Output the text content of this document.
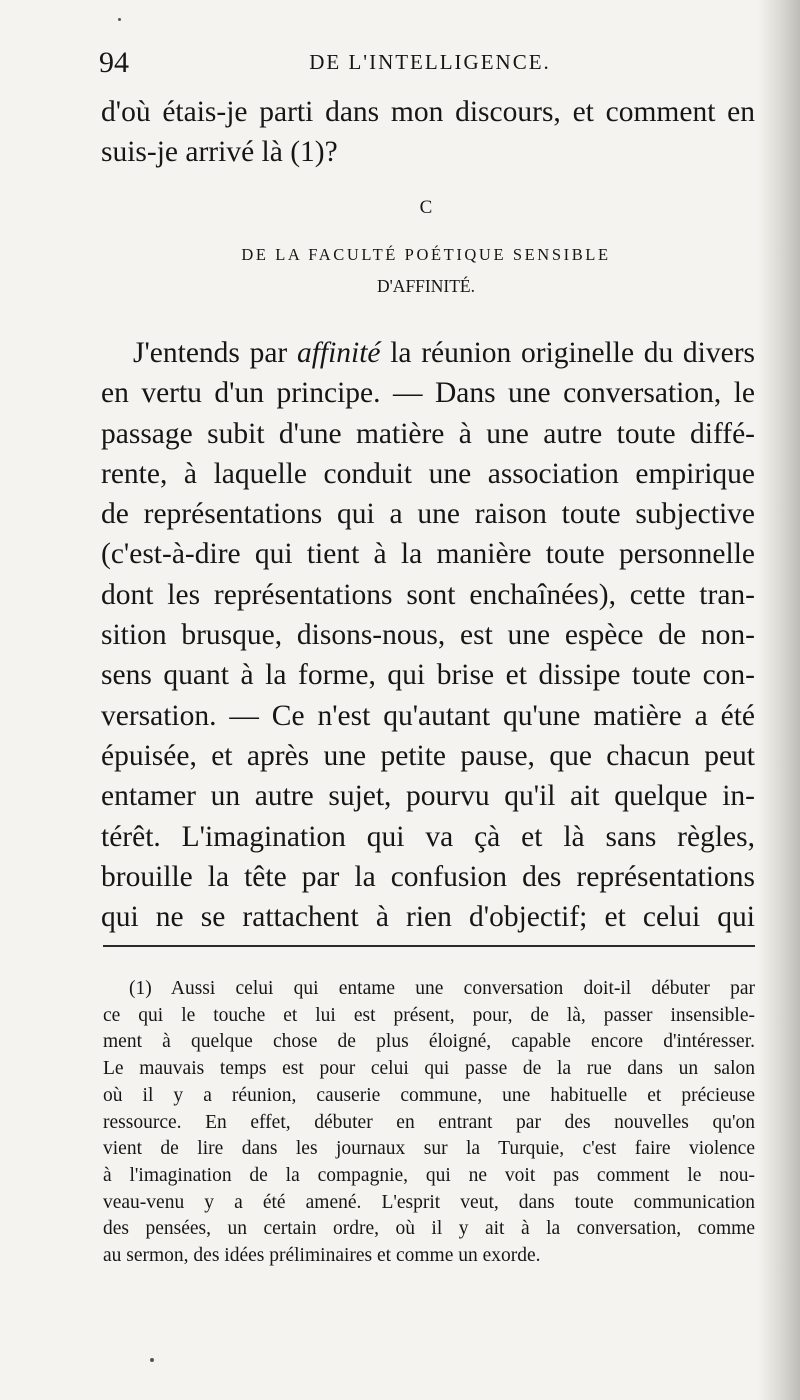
94	DE L'INTELLIGENCE.
d'où étais-je parti dans mon discours, et comment en
suis-je arrivé là (1)?
C
DE LA FACULTÉ POÉTIQUE SENSIBLE
D'AFFINITÉ.
J'entends par affinité la réunion originelle du divers
en vertu d'un principe. — Dans une conversation, le
passage subit d'une matière à une autre toute diffé-
rente, à laquelle conduit une association empirique
de représentations qui a une raison toute subjective
(c'est-à-dire qui tient à la manière toute personnelle
dont les représentations sont enchaînées), cette tran-
sition brusque, disons-nous, est une espèce de non-
sens quant à la forme, qui brise et dissipe toute con-
versation. — Ce n'est qu'autant qu'une matière a été
épuisée, et après une petite pause, que chacun peut
entamer un autre sujet, pourvu qu'il ait quelque in-
térêt. L'imagination qui va çà et là sans règles,
brouille la tête par la confusion des représentations
qui ne se rattachent à rien d'objectif; et celui qui
(1) Aussi celui qui entame une conversation doit-il débuter par
ce qui le touche et lui est présent, pour, de là, passer insensible-
ment à quelque chose de plus éloigné, capable encore d'intéresser.
Le mauvais temps est pour celui qui passe de la rue dans un salon
où il y a réunion, causerie commune, une habituelle et précieuse
ressource. En effet, débuter en entrant par des nouvelles qu'on
vient de lire dans les journaux sur la Turquie, c'est faire violence
à l'imagination de la compagnie, qui ne voit pas comment le nou-
veau-venu y a été amené. L'esprit veut, dans toute communication
des pensées, un certain ordre, où il y ait à la conversation, comme
au sermon, des idées préliminaires et comme un exorde.
